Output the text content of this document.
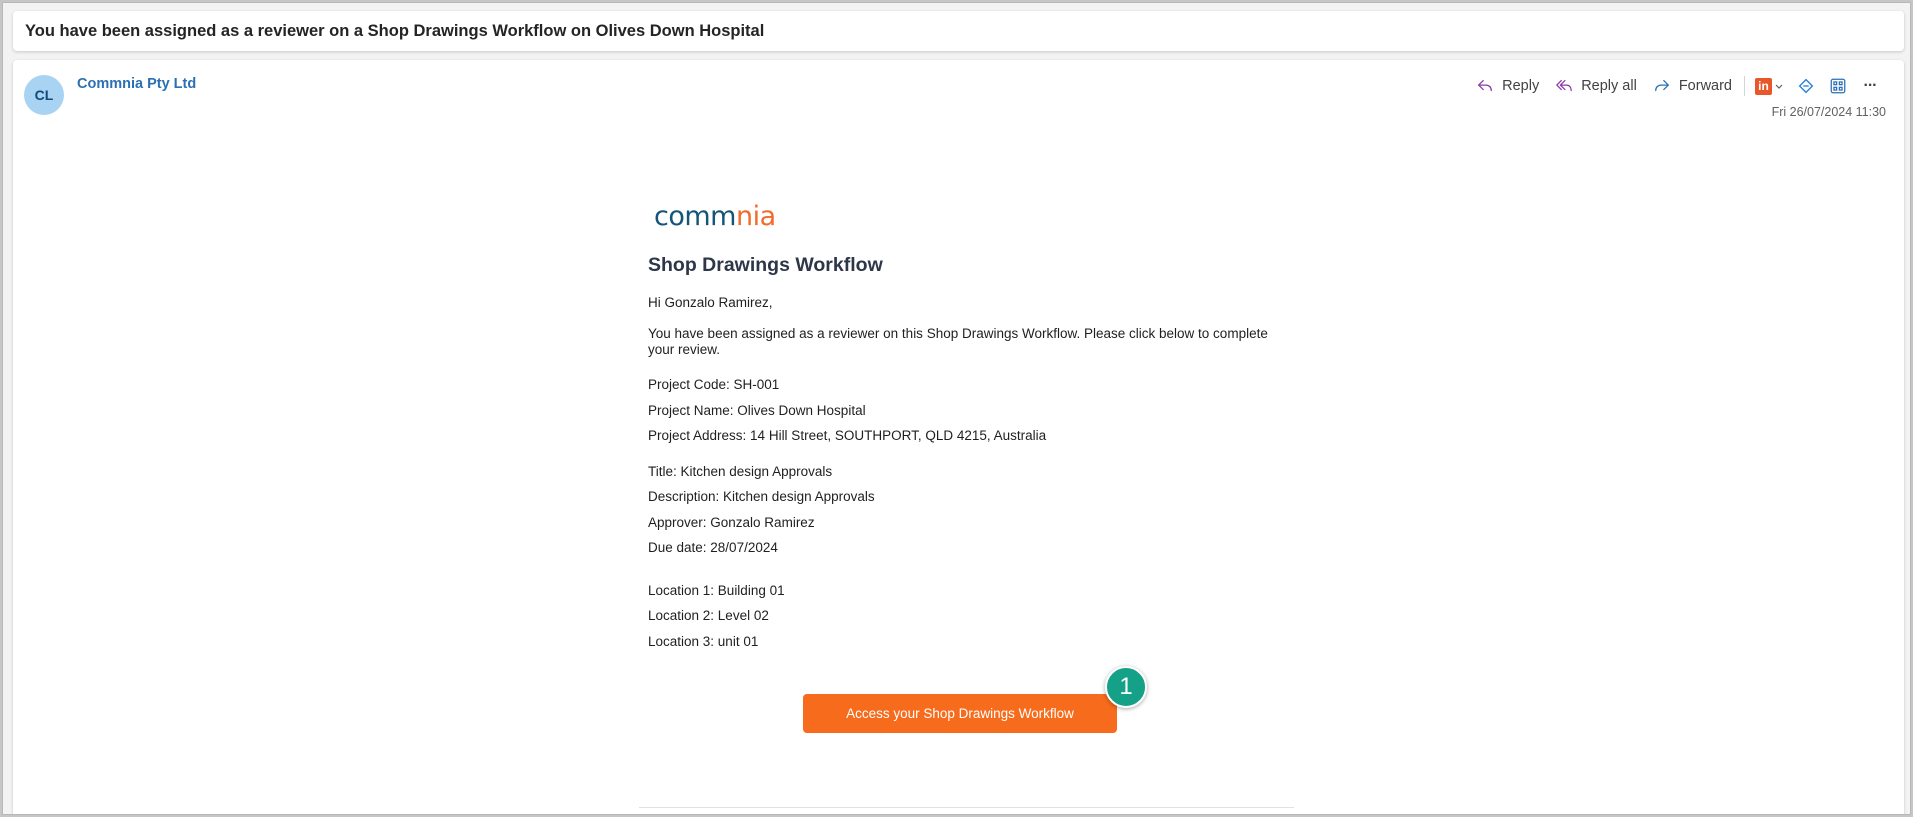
You have been assigned as a reviewer on a Shop Drawings Workflow on Olives Down Hospital
CL
Commnia Pty Ltd	Reply	Reply all	Forward in	···
Fri 26/07/2024 11:30
comm n ia
Shop Drawings Workflow
Hi Gonzalo Ramirez,
You have been assigned as a reviewer on this Shop Drawings Workflow. Please click below to complete your review.
Project Code: SH-001
Project Name: Olives Down Hospital
Project Address: 14 Hill Street, SOUTHPORT, QLD 4215, Australia
Title: Kitchen design Approvals
Description: Kitchen design Approvals
Approver: Gonzalo Ramirez
Due date: 28/07/2024
Location 1: Building 01
Location 2: Level 02
Location 3: unit 01
Access your Shop Drawings Workflow
1
